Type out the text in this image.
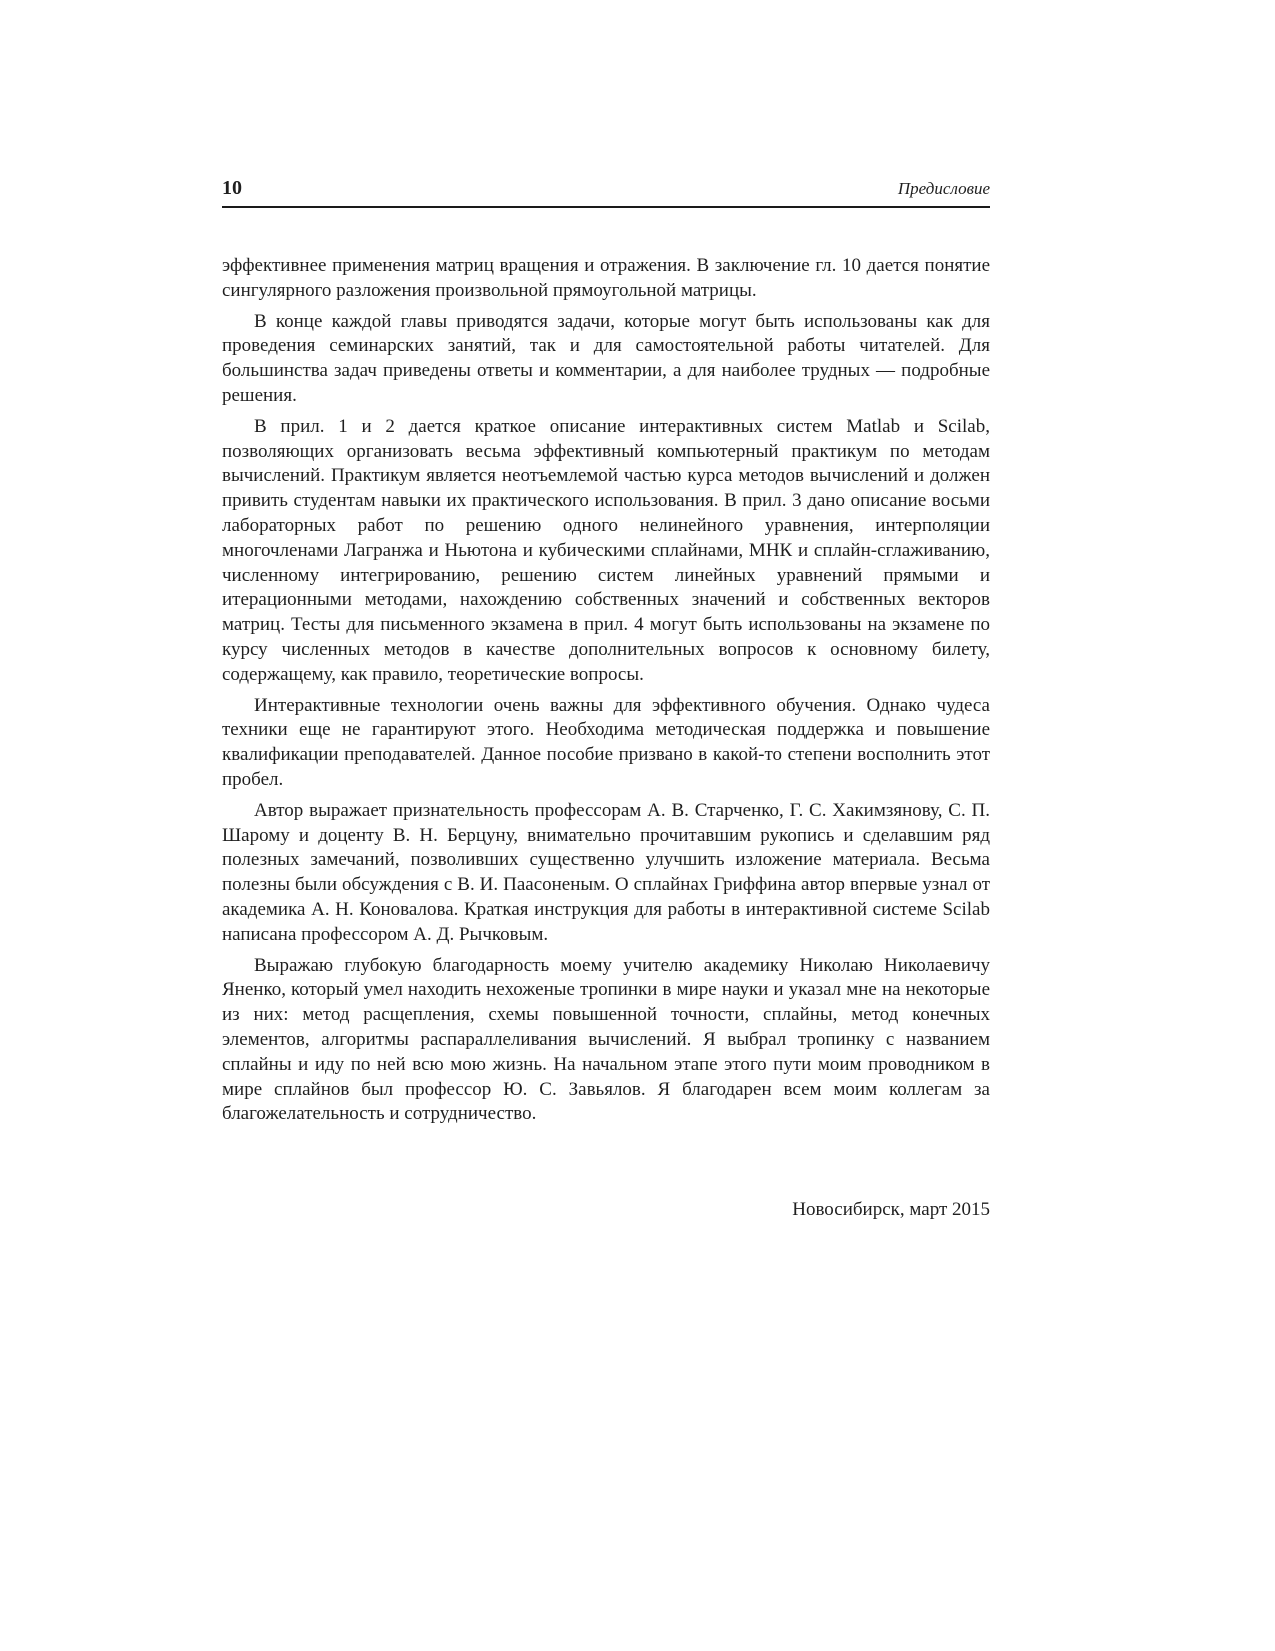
10	Предисловие

эффективнее применения матриц вращения и отражения. В заключение гл. 10 дается понятие сингулярного разложения произвольной прямоугольной матрицы.

В конце каждой главы приводятся задачи, которые могут быть использованы как для проведения семинарских занятий, так и для самостоятельной работы читателей. Для большинства задач приведены ответы и комментарии, а для наиболее трудных — подробные решения.

В прил. 1 и 2 дается краткое описание интерактивных систем Matlab и Scilab, позволяющих организовать весьма эффективный компьютерный практикум по методам вычислений. Практикум является неотъемлемой частью курса методов вычислений и должен привить студентам навыки их практического использования. В прил. 3 дано описание восьми лабораторных работ по решению одного нелинейного уравнения, интерполяции многочленами Лагранжа и Ньютона и кубическими сплайнами, МНК и сплайн-сглаживанию, численному интегрированию, решению систем линейных уравнений прямыми и итерационными методами, нахождению собственных значений и собственных векторов матриц. Тесты для письменного экзамена в прил. 4 могут быть использованы на экзамене по курсу численных методов в качестве дополнительных вопросов к основному билету, содержащему, как правило, теоретические вопросы.

Интерактивные технологии очень важны для эффективного обучения. Однако чудеса техники еще не гарантируют этого. Необходима методическая поддержка и повышение квалификации преподавателей. Данное пособие призвано в какой-то степени восполнить этот пробел.

Автор выражает признательность профессорам А. В. Старченко, Г. С. Хакимзянову, С. П. Шарому и доценту В. Н. Берцуну, внимательно прочитавшим рукопись и сделавшим ряд полезных замечаний, позволивших существенно улучшить изложение материала. Весьма полезны были обсуждения с В. И. Паасоненым. О сплайнах Гриффина автор впервые узнал от академика А. Н. Коновалова. Краткая инструкция для работы в интерактивной системе Scilab написана профессором А. Д. Рычковым.

Выражаю глубокую благодарность моему учителю академику Николаю Николаевичу Яненко, который умел находить нехоженые тропинки в мире науки и указал мне на некоторые из них: метод расщепления, схемы повышенной точности, сплайны, метод конечных элементов, алгоритмы распараллеливания вычислений. Я выбрал тропинку с названием сплайны и иду по ней всю мою жизнь. На начальном этапе этого пути моим проводником в мире сплайнов был профессор Ю. С. Завьялов. Я благодарен всем моим коллегам за благожелательность и сотрудничество.

Новосибирск, март 2015
